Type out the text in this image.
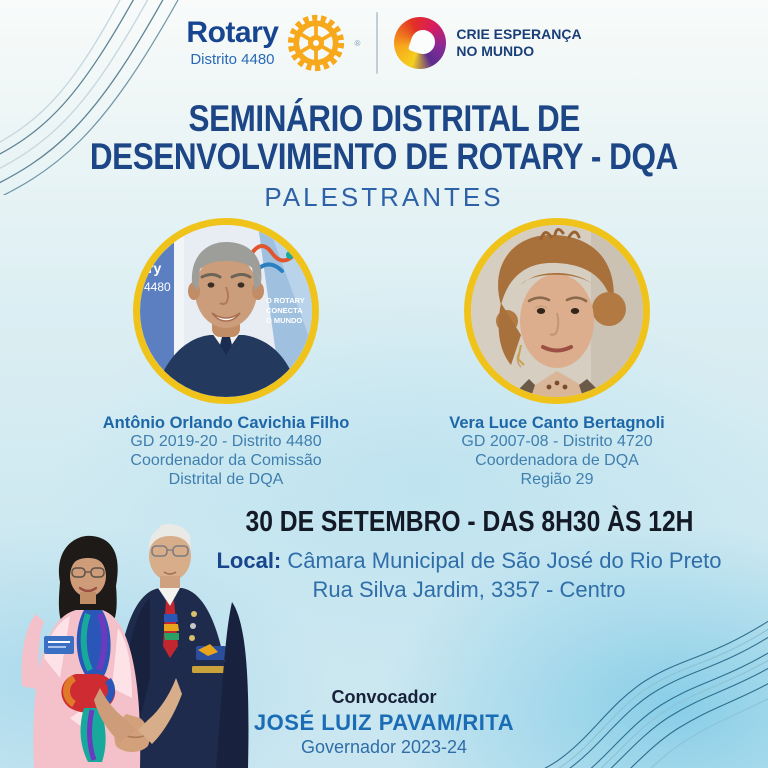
Rotary
Distrito 4480
®
CRIE ESPERANÇA
NO MUNDO
SEMINÁRIO DISTRITAL DE
DESENVOLVIMENTO DE ROTARY - DQA
PALESTRANTES
ry
4480
O ROTARY
CONECTA
O MUNDO
Antônio Orlando Cavichia Filho
GD 2019-20 - Distrito 4480
Coordenador da Comissão
Distrital de DQA
Vera Luce Canto Bertagnoli
GD 2007-08 - Distrito 4720
Coordenadora de DQA
Região 29
30 DE SETEMBRO - DAS 8H30 ÀS 12H
Local: Câmara Municipal de São José do Rio Preto
Rua Silva Jardim, 3357 - Centro
Convocador
JOSÉ LUIZ PAVAM/RITA
Governador 2023-24
